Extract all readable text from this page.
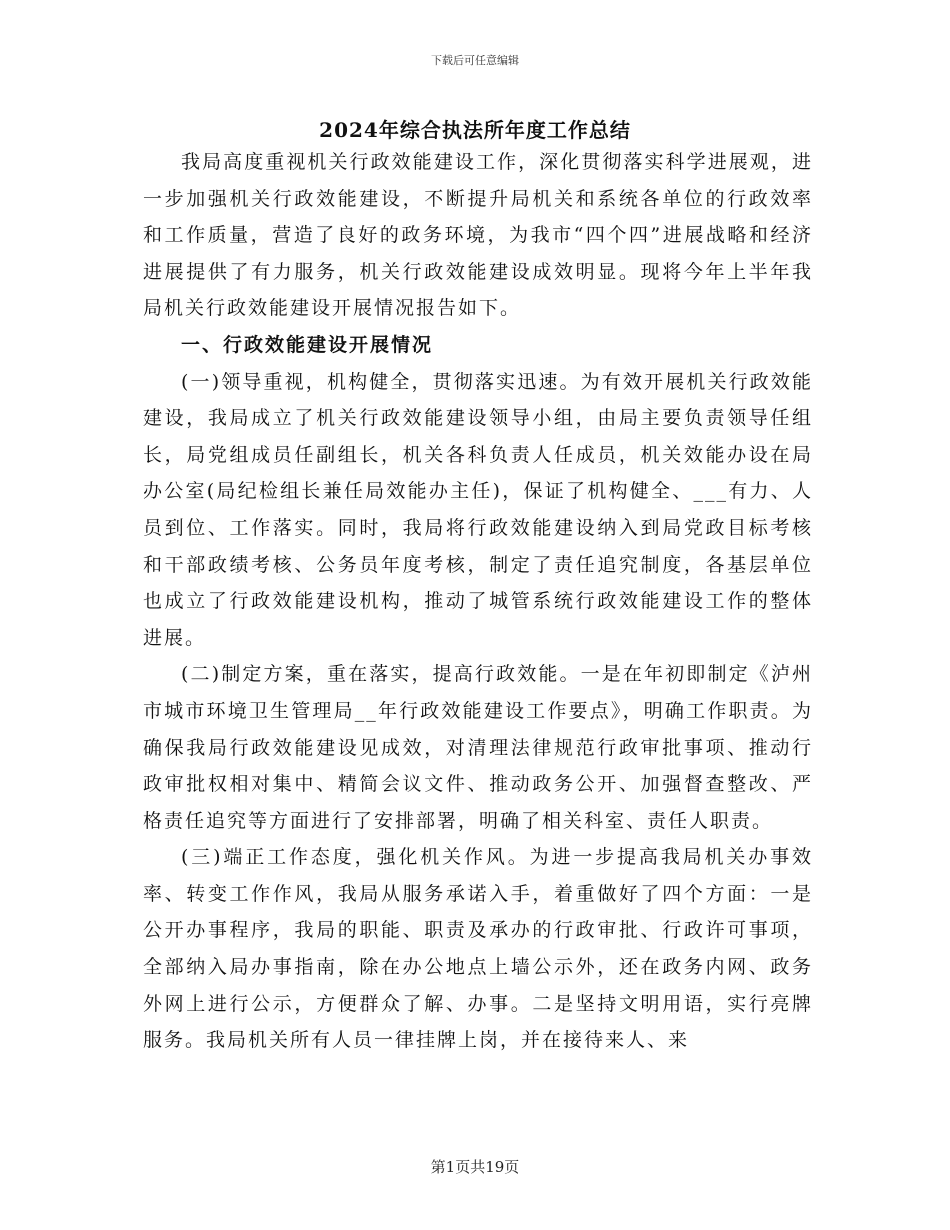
下载后可任意编辑
2024年综合执法所年度工作总结

我局高度重视机关行政效能建设工作，深化贯彻落实科学进展观，进一步加强机关行政效能建设，不断提升局机关和系统各单位的行政效率和工作质量，营造了良好的政务环境，为我市“四个四”进展战略和经济进展提供了有力服务，机关行政效能建设成效明显。现将今年上半年我局机关行政效能建设开展情况报告如下。

一、行政效能建设开展情况

(一)领导重视，机构健全，贯彻落实迅速。为有效开展机关行政效能建设，我局成立了机关行政效能建设领导小组，由局主要负责领导任组长，局党组成员任副组长，机关各科负责人任成员，机关效能办设在局办公室(局纪检组长兼任局效能办主任)，保证了机构健全、___有力、人员到位、工作落实。同时，我局将行政效能建设纳入到局党政目标考核和干部政绩考核、公务员年度考核，制定了责任追究制度，各基层单位也成立了行政效能建设机构，推动了城管系统行政效能建设工作的整体进展。

(二)制定方案，重在落实，提高行政效能。一是在年初即制定《泸州市城市环境卫生管理局__年行政效能建设工作要点》，明确工作职责。为确保我局行政效能建设见成效，对清理法律规范行政审批事项、推动行政审批权相对集中、精简会议文件、推动政务公开、加强督查整改、严格责任追究等方面进行了安排部署，明确了相关科室、责任人职责。

(三)端正工作态度，强化机关作风。为进一步提高我局机关办事效率、转变工作作风，我局从服务承诺入手，着重做好了四个方面：一是公开办事程序，我局的职能、职责及承办的行政审批、行政许可事项，全部纳入局办事指南，除在办公地点上墙公示外，还在政务内网、政务外网上进行公示，方便群众了解、办事。二是坚持文明用语，实行亮牌服务。我局机关所有人员一律挂牌上岗，并在接待来人、来

第1页共19页
